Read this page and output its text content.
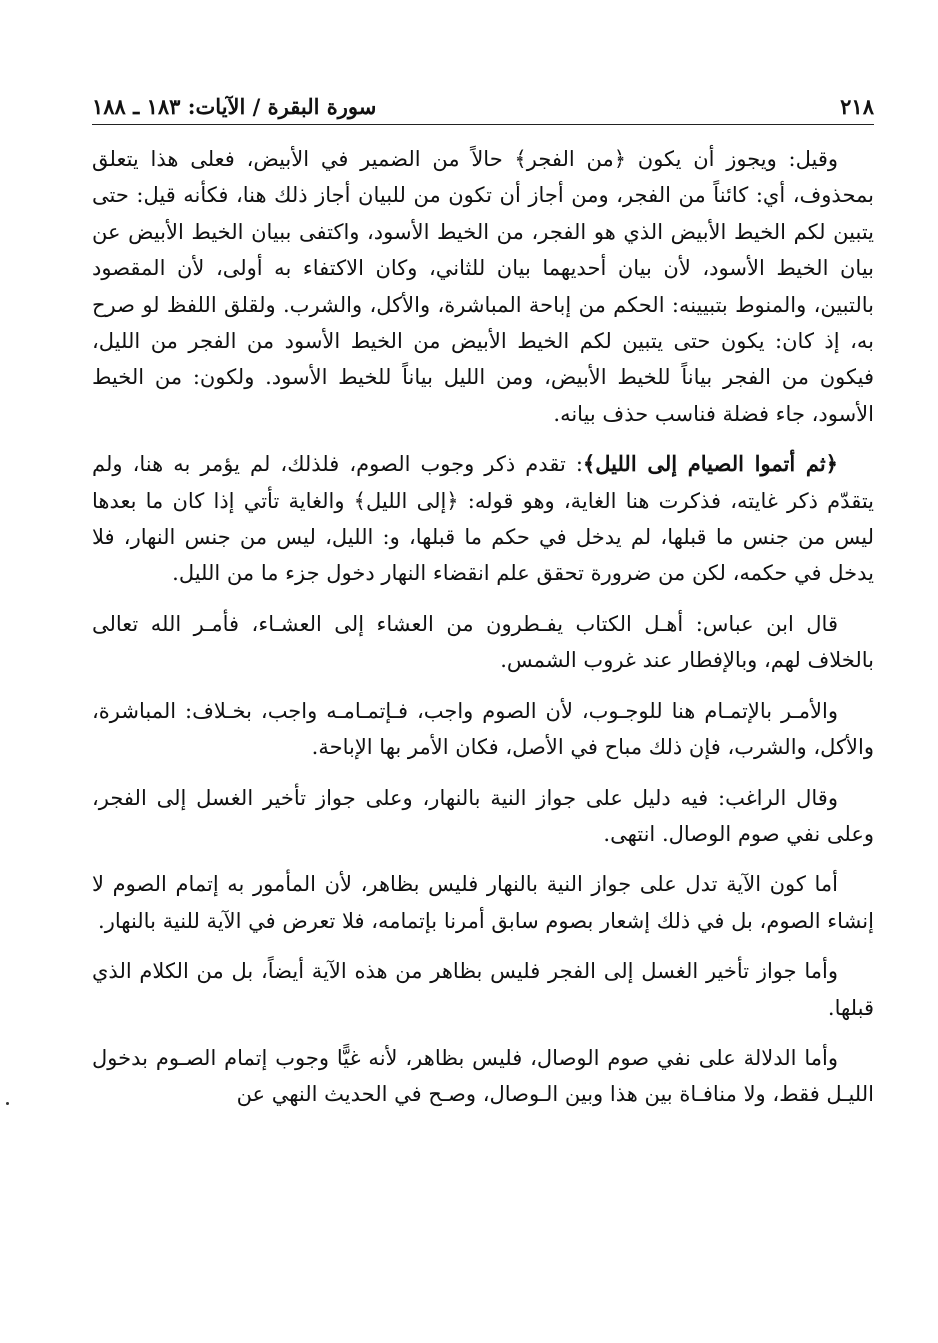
٢١٨
سورة البقرة / الآيات: ١٨٣ ـ ١٨٨

وقيل: ويجوز أن يكون ﴿من الفجر﴾ حالاً من الضمير في الأبيض، فعلى هذا يتعلق بمحذوف، أي: كائناً من الفجر، ومن أجاز أن تكون من للبيان أجاز ذلك هنا، فكأنه قيل: حتى يتبين لكم الخيط الأبيض الذي هو الفجر، من الخيط الأسود، واكتفى ببيان الخيط الأبيض عن بيان الخيط الأسود، لأن بيان أحديهما بيان للثاني، وكان الاكتفاء به أولى، لأن المقصود بالتبين، والمنوط بتبيينه: الحكم من إباحة المباشرة، والأكل، والشرب. ولقلق اللفظ لو صرح به، إذ كان: يكون حتى يتبين لكم الخيط الأبيض من الخيط الأسود من الفجر من الليل، فيكون من الفجر بياناً للخيط الأبيض، ومن الليل بياناً للخيط الأسود. ولكون: من الخيط الأسود، جاء فضلة فناسب حذف بيانه.

﴿ثم أتموا الصيام إلى الليل﴾: تقدم ذكر وجوب الصوم، فلذلك، لم يؤمر به هنا، ولم يتقدّم ذكر غايته، فذكرت هنا الغاية، وهو قوله: ﴿إلى الليل﴾ والغاية تأتي إذا كان ما بعدها ليس من جنس ما قبلها، لم يدخل في حكم ما قبلها، و: الليل، ليس من جنس النهار، فلا يدخل في حكمه، لكن من ضرورة تحقق علم انقضاء النهار دخول جزء ما من الليل.

قال ابن عباس: أهـل الكتاب يفـطرون من العشاء إلى العشـاء، فأمـر الله تعالى بالخلاف لهم، وبالإفطار عند غروب الشمس.

والأمـر بالإتمـام هنا للوجـوب، لأن الصوم واجب، فـإتمـامـه واجب، بخـلاف: المباشرة، والأكل، والشرب، فإن ذلك مباح في الأصل، فكان الأمر بها الإباحة.

وقال الراغب: فيه دليل على جواز النية بالنهار، وعلى جواز تأخير الغسل إلى الفجر، وعلى نفي صوم الوصال. انتهى.

أما كون الآية تدل على جواز النية بالنهار فليس بظاهر، لأن المأمور به إتمام الصوم لا إنشاء الصوم، بل في ذلك إشعار بصوم سابق أمرنا بإتمامه، فلا تعرض في الآية للنية بالنهار.

وأما جواز تأخير الغسل إلى الفجر فليس بظاهر من هذه الآية أيضاً، بل من الكلام الذي قبلها.

وأما الدلالة على نفي صوم الوصال، فليس بظاهر، لأنه غيًّا وجوب إتمام الصـوم بدخول الليـل فقط، ولا منافـاة بين هذا وبين الـوصال، وصـح في الحديث النهي عن
